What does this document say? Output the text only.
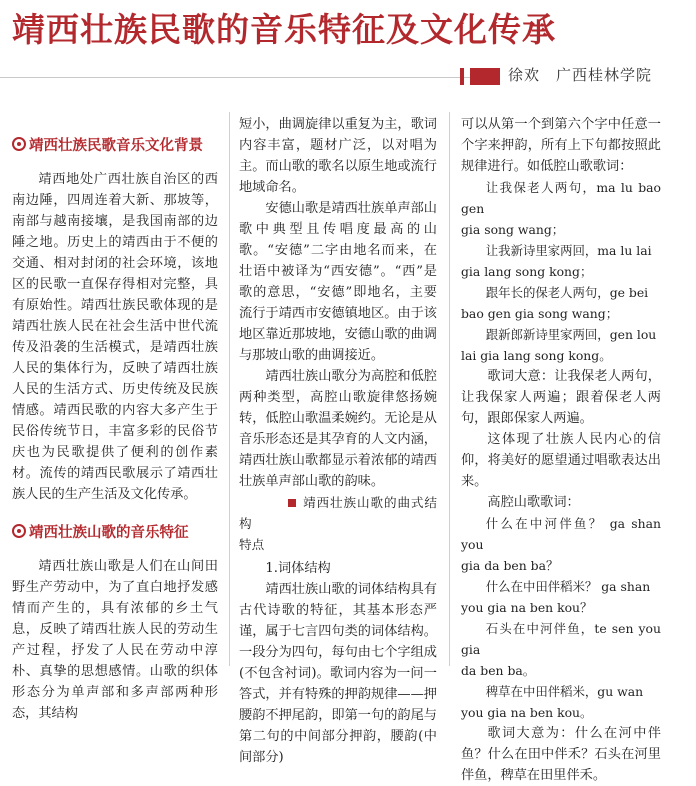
靖西壮族民歌的音乐特征及文化传承
徐欢　广西桂林学院
靖西壮族民歌音乐文化背景

靖西地处广西壮族自治区的西南边陲，四周连着大新、那坡等，南部与越南接壤，是我国南部的边陲之地。历史上的靖西由于不便的交通、相对封闭的社会环境，该地区的民歌一直保存得相对完整，具有原始性。靖西壮族民歌体现的是靖西壮族人民在社会生活中世代流传及沿袭的生活模式，是靖西壮族人民的集体行为，反映了靖西壮族人民的生活方式、历史传统及民族情感。靖西民歌的内容大多产生于民俗传统节日，丰富多彩的民俗节庆也为民歌提供了便利的创作素材。流传的靖西民歌展示了靖西壮族人民的生产生活及文化传承。

靖西壮族山歌的音乐特征

靖西壮族山歌是人们在山间田野生产劳动中，为了直白地抒发感情而产生的，具有浓郁的乡土气息，反映了靖西壮族人民的劳动生产过程，抒发了人民在劳动中淳朴、真挚的思想感情。山歌的织体形态分为单声部和多声部两种形态，其结构

短小，曲调旋律以重复为主，歌词内容丰富，题材广泛，以对唱为主。而山歌的歌名以原生地或流行地域命名。

安德山歌是靖西壮族单声部山歌中典型且传唱度最高的山歌。“安德”二字由地名而来，在壮语中被译为“西安德”。“西”是歌的意思，“安德”即地名，主要流行于靖西市安德镇地区。由于该地区靠近那坡地，安德山歌的曲调与那坡山歌的曲调接近。

靖西壮族山歌分为高腔和低腔两种类型，高腔山歌旋律悠扬婉转，低腔山歌温柔婉约。无论是从音乐形态还是其孕育的人文内涵，靖西壮族山歌都显示着浓郁的靖西壮族单声部山歌的韵味。

靖西壮族山歌的曲式结构

特点

1.词体结构

靖西壮族山歌的词体结构具有古代诗歌的特征，其基本形态严谨，属于七言四句类的词体结构。一段分为四句，每句由七个字组成(不包含衬词)。歌词内容为一问一答式，并有特殊的押韵规律——押腰韵不押尾韵，即第一句的韵尾与第二句的中间部分押韵，腰韵(中间部分)

可以从第一个到第六个字中任意一个字来押韵，所有上下句都按照此规律进行。如低腔山歌歌词：

让我保老人两句，ma lu bao gen

gia song wang；

让我新诗里家两回，ma lu lai

gia lang song kong；

跟年长的保老人两句，ge bei

bao gen gia song wang；

跟新郎新诗里家两回，gen lou

lai gia lang song kong。

歌词大意：让我保老人两句，让我保家人两遍；跟着保老人两句，跟郎保家人两遍。

这体现了壮族人民内心的信仰，将美好的愿望通过唱歌表达出来。

高腔山歌歌词：

什么在中河伴鱼？ ga shan you

gia da ben ba？

什么在中田伴稻米？ ga shan

you gia na ben kou？

石头在中河伴鱼，te sen you gia

da ben ba。

稗草在中田伴稻米，gu wan

you gia na ben kou。

歌词大意为：什么在河中伴鱼？什么在田中伴禾？石头在河里伴鱼，稗草在田里伴禾。
